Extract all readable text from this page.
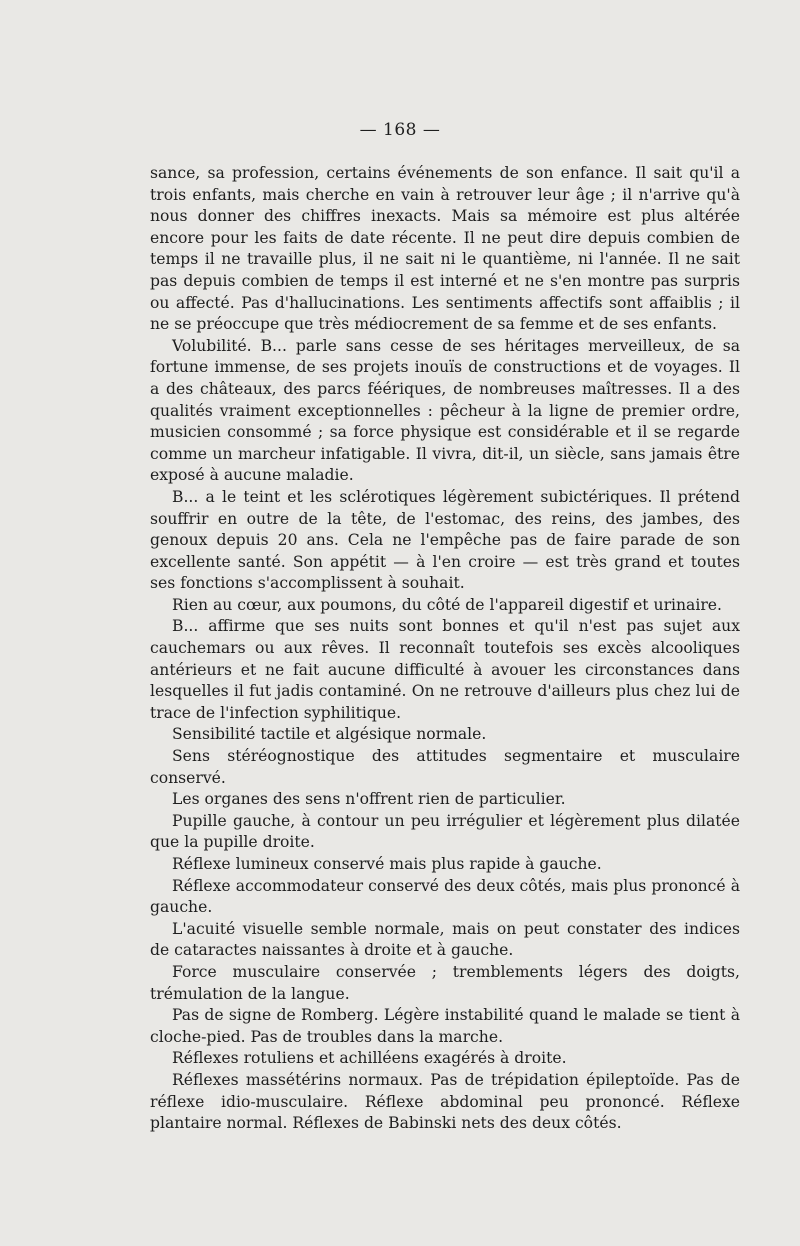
— 168 —

sance, sa profession, certains événements de son enfance. Il sait qu'il a trois enfants, mais cherche en vain à retrouver leur âge ; il n'arrive qu'à nous donner des chiffres inexacts. Mais sa mémoire est plus altérée encore pour les faits de date récente. Il ne peut dire depuis combien de temps il ne travaille plus, il ne sait ni le quantième, ni l'année. Il ne sait pas depuis combien de temps il est interné et ne s'en montre pas surpris ou affecté. Pas d'hallucinations. Les sentiments affectifs sont affaiblis ; il ne se préoccupe que très médiocrement de sa femme et de ses enfants.

Volubilité. B... parle sans cesse de ses héritages merveilleux, de sa fortune immense, de ses projets inouïs de constructions et de voyages. Il a des châteaux, des parcs féériques, de nombreuses maîtresses. Il a des qualités vraiment exceptionnelles : pêcheur à la ligne de premier ordre, musicien consommé ; sa force physique est considérable et il se regarde comme un marcheur infatigable. Il vivra, dit-il, un siècle, sans jamais être exposé à aucune maladie.

B... a le teint et les sclérotiques légèrement subictériques. Il prétend souffrir en outre de la tête, de l'estomac, des reins, des jambes, des genoux depuis 20 ans. Cela ne l'empêche pas de faire parade de son excellente santé. Son appétit — à l'en croire — est très grand et toutes ses fonctions s'accomplissent à souhait.

Rien au cœur, aux poumons, du côté de l'appareil digestif et urinaire.

B... affirme que ses nuits sont bonnes et qu'il n'est pas sujet aux cauchemars ou aux rêves. Il reconnaît toutefois ses excès alcooliques antérieurs et ne fait aucune difficulté à avouer les circonstances dans lesquelles il fut jadis contaminé. On ne retrouve d'ailleurs plus chez lui de trace de l'infection syphilitique.

Sensibilité tactile et algésique normale.

Sens stéréognostique des attitudes segmentaire et musculaire conservé.

Les organes des sens n'offrent rien de particulier.

Pupille gauche, à contour un peu irrégulier et légèrement plus dilatée que la pupille droite.

Réflexe lumineux conservé mais plus rapide à gauche.

Réflexe accommodateur conservé des deux côtés, mais plus prononcé à gauche.

L'acuité visuelle semble normale, mais on peut constater des indices de cataractes naissantes à droite et à gauche.

Force musculaire conservée ; tremblements légers des doigts, trémulation de la langue.

Pas de signe de Romberg. Légère instabilité quand le malade se tient à cloche-pied. Pas de troubles dans la marche.

Réflexes rotuliens et achilléens exagérés à droite.

Réflexes massétérins normaux. Pas de trépidation épileptoïde. Pas de réflexe idio-musculaire. Réflexe abdominal peu prononcé. Réflexe plantaire normal. Réflexes de Babinski nets des deux côtés.
